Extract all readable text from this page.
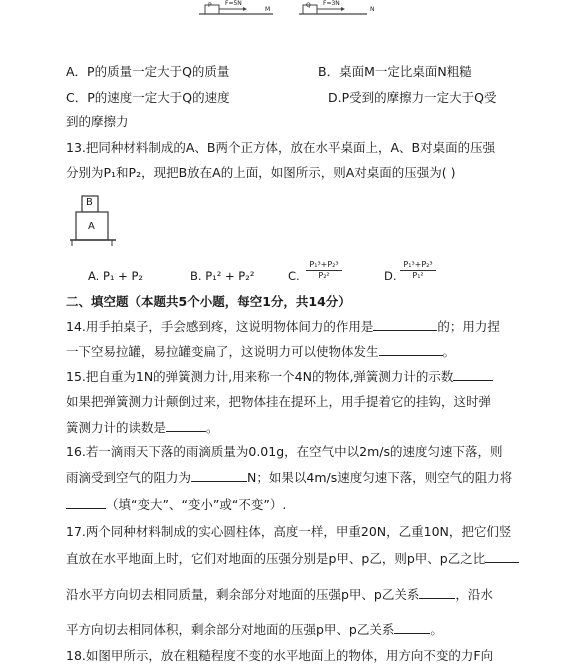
P F=5N
M
Q F=3N
N
A．P的质量一定大于Q的质量	B．桌面M一定比桌面N粗糙
C．P的速度一定大于Q的速度	D.P受到的摩擦力一定大于Q受
到的摩擦力
13.把同种材料制成的A、B两个正方体，放在水平桌面上，A、B对桌面的压强
分别为P₁和P₂，现把B放在A的上面，如图所示，则A对桌面的压强为( )
B
A
A. P₁ + P₂	B. P₁² + P₂²	C. $\frac{\text{P₁³+P₂³}}{\text{P₂²}}$	D. $\frac{\text{P₁³+P₂³}}{\text{P₁²}}$
二、填空题（本题共5个小题，每空1分，共14分）
14.用手拍桌子，手会感到疼，这说明物体间力的作用是	的；用力捏
一下空易拉罐，易拉罐变扁了，这说明力可以使物体发生	。
15.把自重为1N的弹簧测力计,用来称一个4N的物体,弹簧测力计的示数
如果把弹簧测力计颠倒过来，把物体挂在提环上，用手提着它的挂钩，这时弹
簧测力计的读数是	。
16.若一滴雨天下落的雨滴质量为0.01g，在空气中以2m/s的速度匀速下落，则
雨滴受到空气的阻力为	N；如果以4m/s速度匀速下落，则空气的阻力将
（填“变大”、“变小”或“不变”）.
17.两个同种材料制成的实心圆柱体，高度一样，甲重20N，乙重10N，把它们竖
直放在水平地面上时，它们对地面的压强分别是p甲、p乙，则p甲、p乙之比
沿水平方向切去相同质量，剩余部分对地面的压强p甲、p乙关系	，沿水
平方向切去相同体积，剩余部分对地面的压强p甲、p乙关系	。
18.如图甲所示，放在粗糙程度不变的水平地面上的物体，用方向不变的力F向
